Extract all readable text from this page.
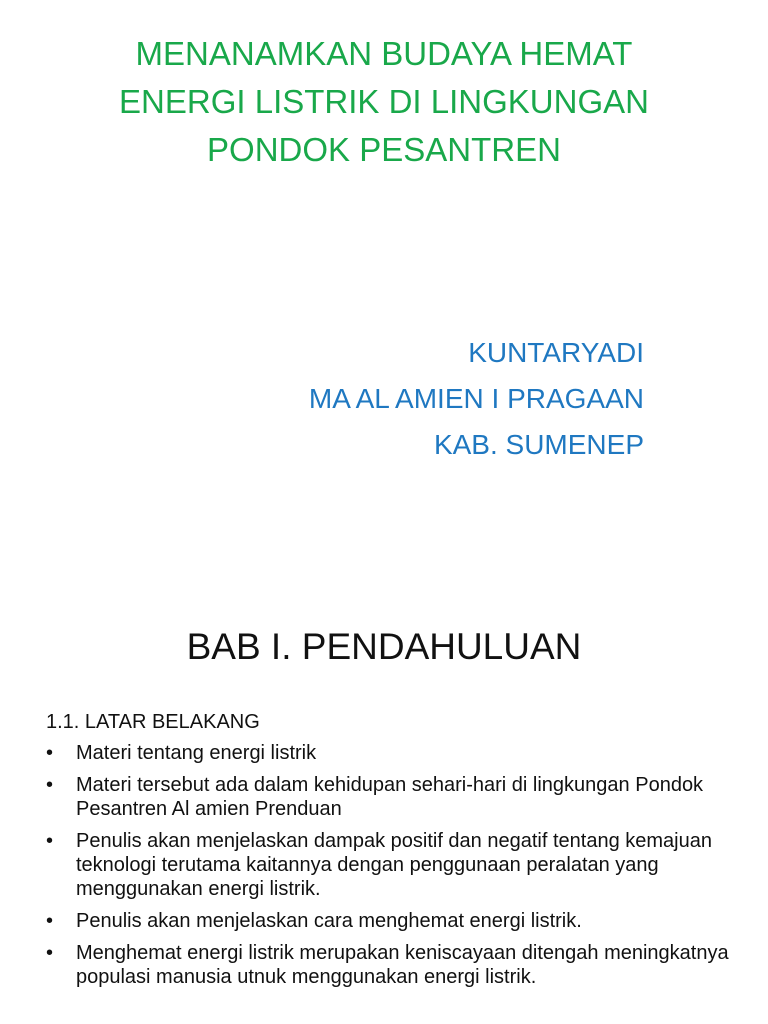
MENANAMKAN BUDAYA HEMAT
ENERGI LISTRIK DI LINGKUNGAN
PONDOK PESANTREN
KUNTARYADI
MA AL AMIEN I PRAGAAN
KAB. SUMENEP
BAB I. PENDAHULUAN

1.1. LATAR BELAKANG

• Materi tentang energi listrik
• Materi tersebut ada dalam kehidupan sehari-hari di lingkungan Pondok Pesantren Al amien Prenduan
• Penulis akan menjelaskan dampak positif dan negatif tentang kemajuan teknologi terutama kaitannya dengan penggunaan peralatan yang menggunakan energi listrik.
• Penulis akan menjelaskan cara menghemat energi listrik.
• Menghemat energi listrik merupakan keniscayaan ditengah meningkatnya populasi manusia utnuk menggunakan energi listrik.
